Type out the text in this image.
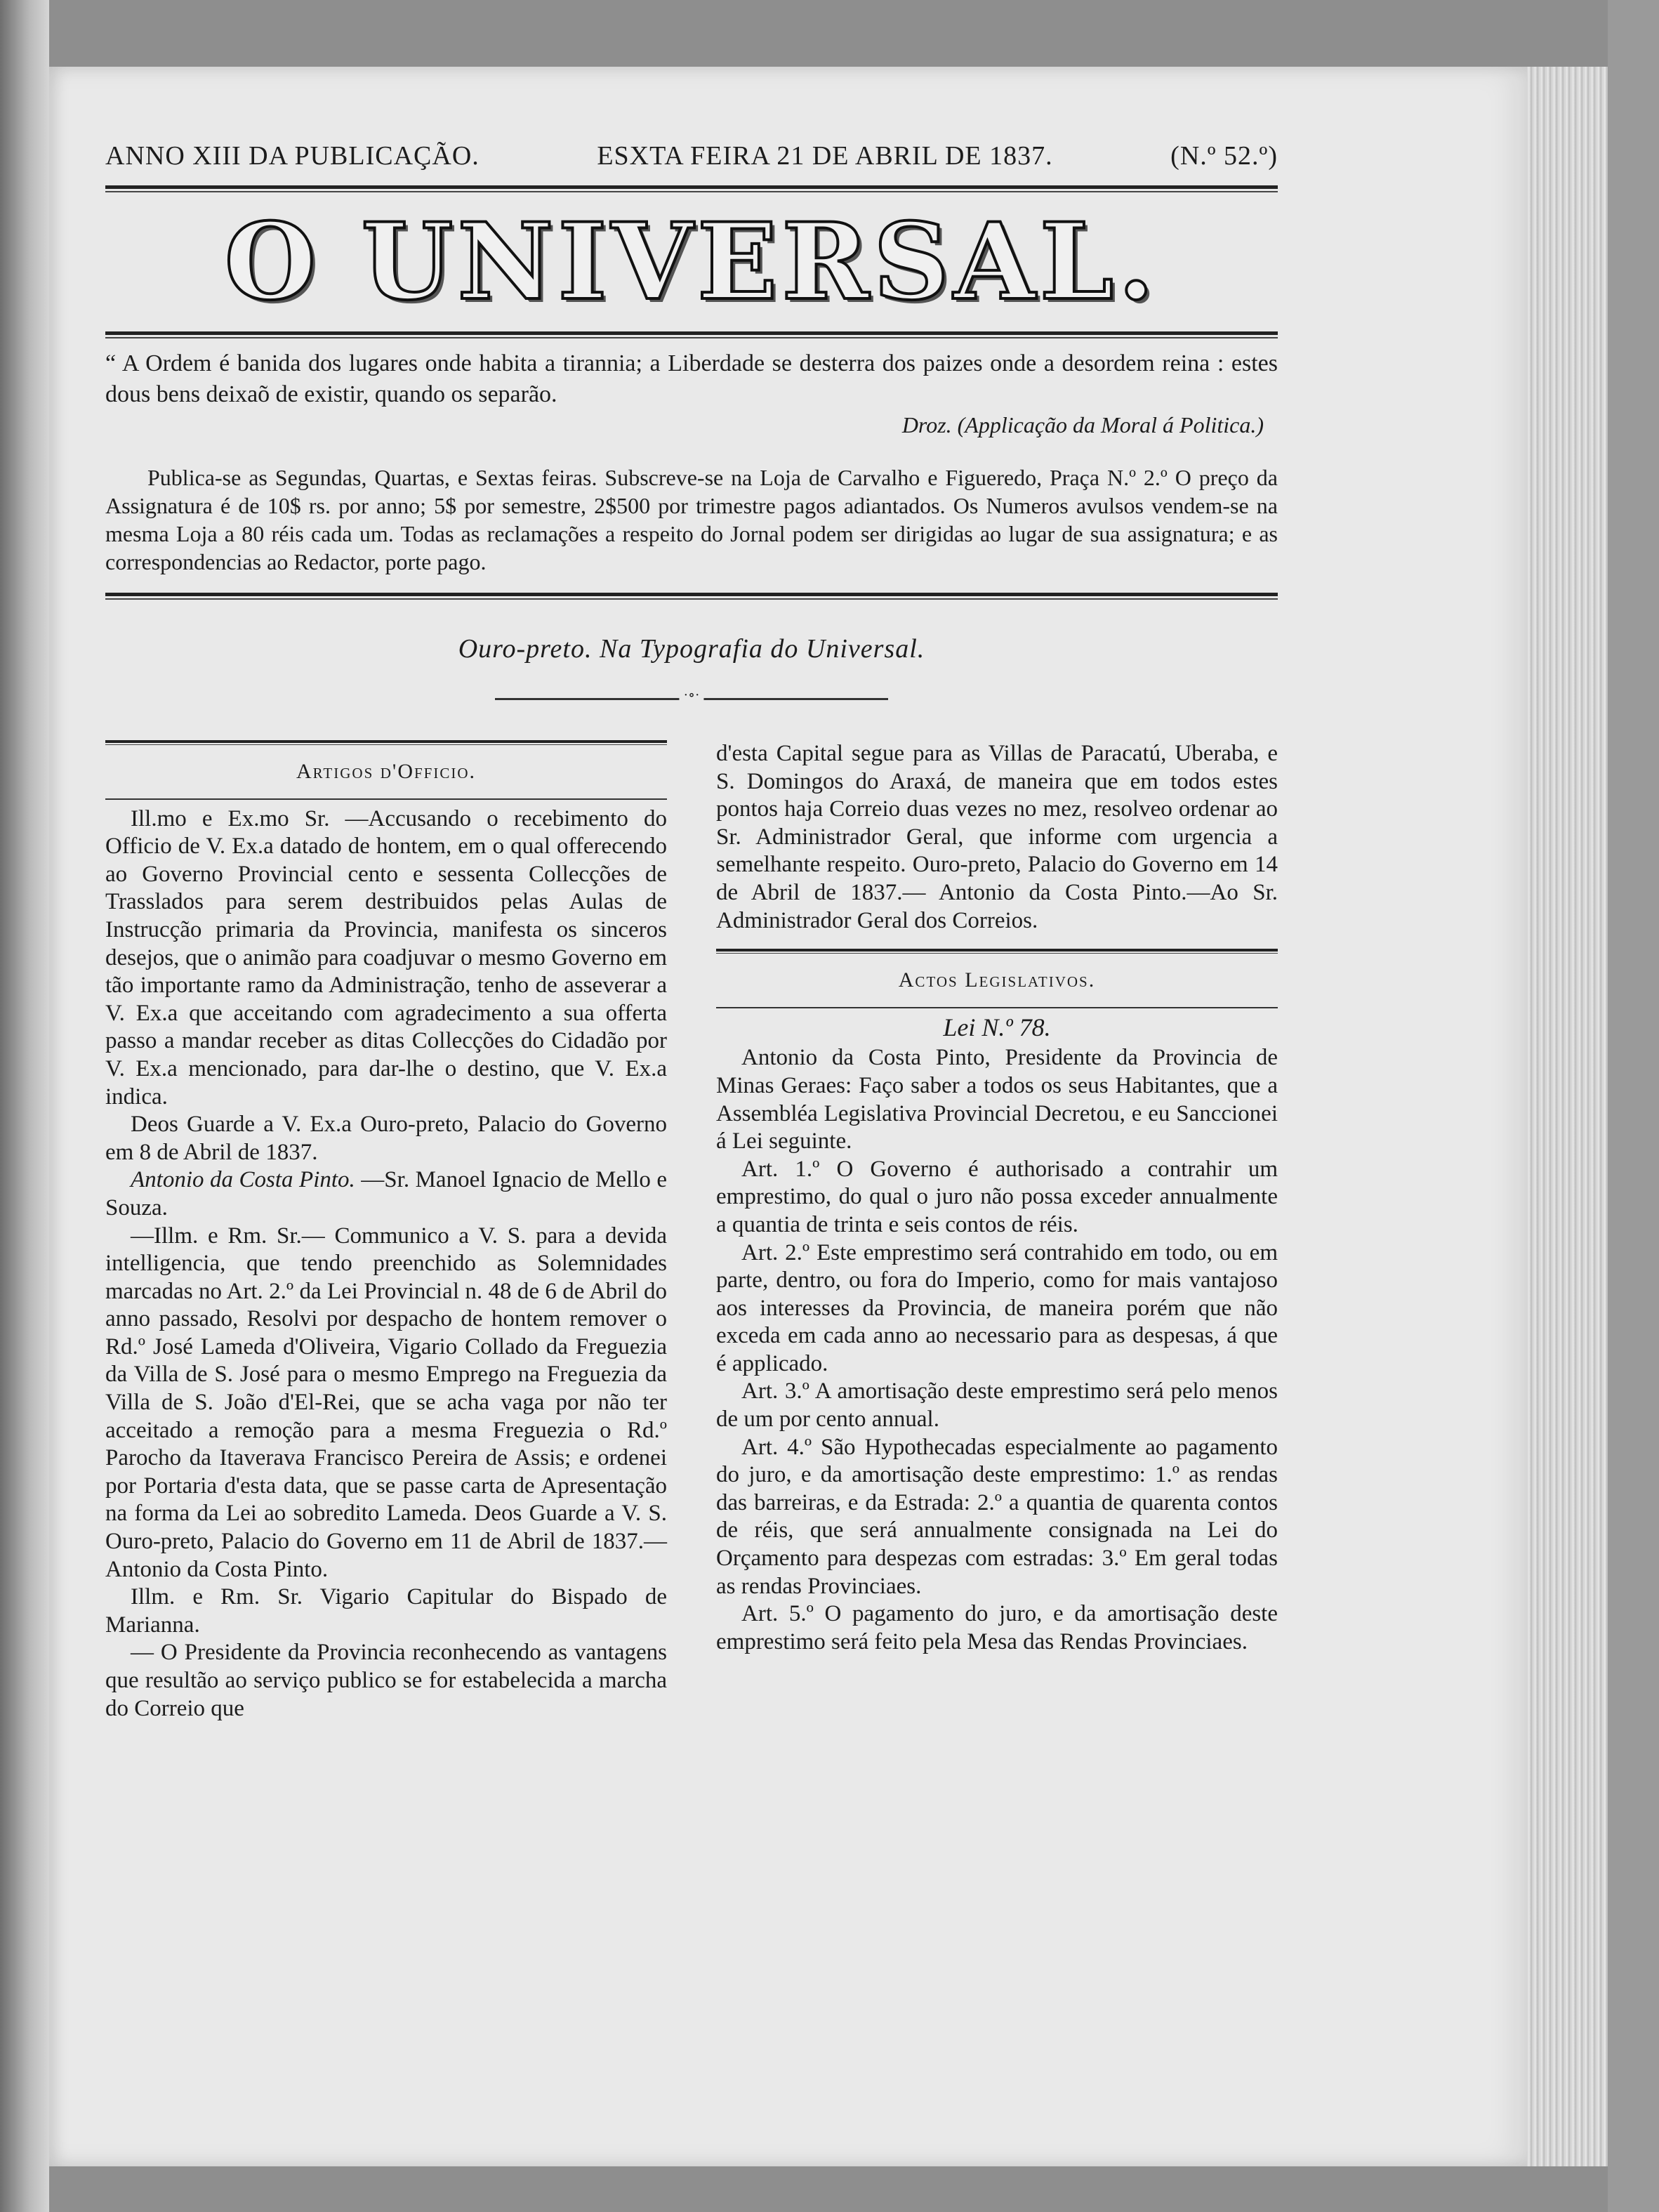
ANNO XIII DA PUBLICAÇÃO.	ESXTA FEIRA 21 DE ABRIL DE 1837.	(N.º 52.º)
O UNIVERSAL.
“ A Ordem é banida dos lugares onde habita a tirannia; a Liberdade se desterra dos paizes onde a desordem reina : estes dous bens deixaõ de existir, quando os separão.
Droz. (Applicação da Moral á Politica.)
Publica-se as Segundas, Quartas, e Sextas feiras. Subscreve-se na Loja de Carvalho e Figueredo, Praça N.º 2.º O preço da Assignatura é de 10$ rs. por anno; 5$ por semestre, 2$500 por trimestre pagos adiantados. Os Numeros avulsos vendem-se na mesma Loja a 80 réis cada um. Todas as reclamações a respeito do Jornal podem ser dirigidas ao lugar de sua assignatura; e as correspondencias ao Redactor, porte pago.
Ouro-preto. Na Typografia do Universal.
·∘·
Artigos d'Officio.

Ill.mo e Ex.mo Sr. —Accusando o recebimento do Officio de V. Ex.a datado de hontem, em o qual offerecendo ao Governo Provincial cento e sessenta Collecções de Trasslados para serem destribuidos pelas Aulas de Instrucção primaria da Provincia, manifesta os sinceros desejos, que o animão para coadjuvar o mesmo Governo em tão importante ramo da Administração, tenho de asseverar a V. Ex.a que acceitando com agradecimento a sua offerta passo a mandar receber as ditas Collecções do Cidadão por V. Ex.a mencionado, para dar-lhe o destino, que V. Ex.a indica.

Deos Guarde a V. Ex.a Ouro-preto, Palacio do Governo em 8 de Abril de 1837.

Antonio da Costa Pinto. —Sr. Manoel Ignacio de Mello e Souza.

—Illm. e Rm. Sr.— Communico a V. S. para a devida intelligencia, que tendo preenchido as Solemnidades marcadas no Art. 2.º da Lei Provincial n. 48 de 6 de Abril do anno passado, Resolvi por despacho de hontem remover o Rd.º José Lameda d'Oliveira, Vigario Collado da Freguezia da Villa de S. José para o mesmo Emprego na Freguezia da Villa de S. João d'El-Rei, que se acha vaga por não ter acceitado a remoção para a mesma Freguezia o Rd.º Parocho da Itaverava Francisco Pereira de Assis; e ordenei por Portaria d'esta data, que se passe carta de Apresentação na forma da Lei ao sobredito Lameda. Deos Guarde a V. S. Ouro-preto, Palacio do Governo em 11 de Abril de 1837.— Antonio da Costa Pinto.

Illm. e Rm. Sr. Vigario Capitular do Bispado de Marianna.

— O Presidente da Provincia reconhecendo as vantagens que resultão ao serviço publico se for estabelecida a marcha do Correio que

d'esta Capital segue para as Villas de Paracatú, Uberaba, e S. Domingos do Araxá, de maneira que em todos estes pontos haja Correio duas vezes no mez, resolveo ordenar ao Sr. Administrador Geral, que informe com urgencia a semelhante respeito. Ouro-preto, Palacio do Governo em 14 de Abril de 1837.— Antonio da Costa Pinto.—Ao Sr. Administrador Geral dos Correios.

Actos Legislativos.
Lei N.º 78.

Antonio da Costa Pinto, Presidente da Provincia de Minas Geraes: Faço saber a todos os seus Habitantes, que a Assembléa Legislativa Provincial Decretou, e eu Sanccionei á Lei seguinte.

Art. 1.º O Governo é authorisado a contrahir um emprestimo, do qual o juro não possa exceder annualmente a quantia de trinta e seis contos de réis.

Art. 2.º Este emprestimo será contrahido em todo, ou em parte, dentro, ou fora do Imperio, como for mais vantajoso aos interesses da Provincia, de maneira porém que não exceda em cada anno ao necessario para as despesas, á que é applicado.

Art. 3.º A amortisação deste emprestimo será pelo menos de um por cento annual.

Art. 4.º São Hypothecadas especialmente ao pagamento do juro, e da amortisação deste emprestimo: 1.º as rendas das barreiras, e da Estrada: 2.º a quantia de quarenta contos de réis, que será annualmente consignada na Lei do Orçamento para despezas com estradas: 3.º Em geral todas as rendas Provinciaes.

Art. 5.º O pagamento do juro, e da amortisação deste emprestimo será feito pela Mesa das Rendas Provinciaes.
